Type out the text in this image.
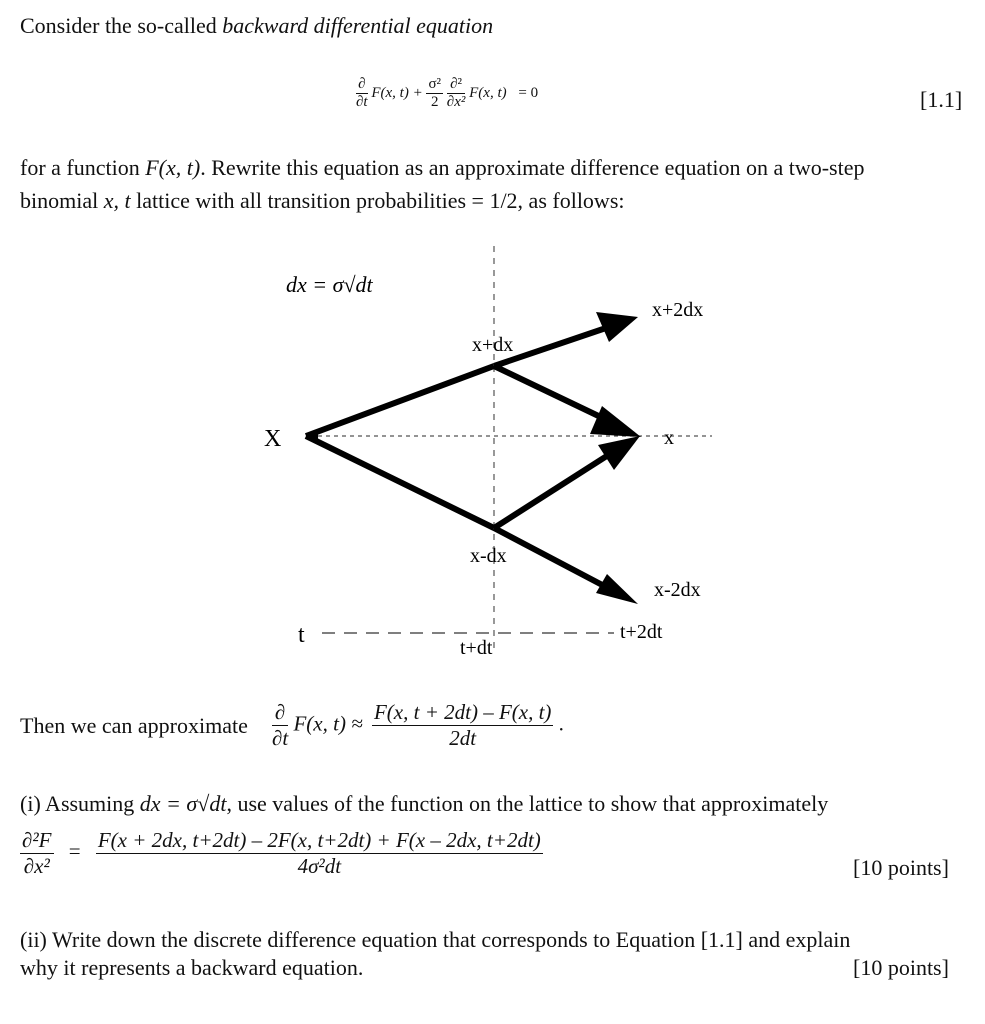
Consider the so-called backward differential equation
$\frac{\partial}{\partial t} F(x$, $t) + \frac{\text{σ²}}{2}$
$\frac{\text{∂²}}{\text{∂x²}} F(x$, t) = 0	[1.1]
for a function F(x, t). Rewrite this equation as an approximate difference equation on a two-step
binomial x, t lattice with all transition probabilities = 1/2, as follows:
dx = σ√dt
X
x+dx
x-dx
x+2dx
x
x-2dx
t	t+dt
t+2dt
Then we can approximate $\frac{\partial}{\partial t} F(x$, $t) \approx \frac{F(x, t + 2dt) - F(x, t)}{2dt}$ .
(i) Assuming dx = σ√dt, use values of the function on the lattice to show that approximately
$\frac{\text{∂²F}}{\text{∂x²}} = \frac{F(x + 2dx, t+2dt) - 2F(x, t+2dt) + F(x - 2dx, t+2dt)}{\text{4σ²dt}}$	[10 points]
(ii) Write down the discrete difference equation that corresponds to Equation [1.1] and explain
why it represents a backward equation.	[10 points]
